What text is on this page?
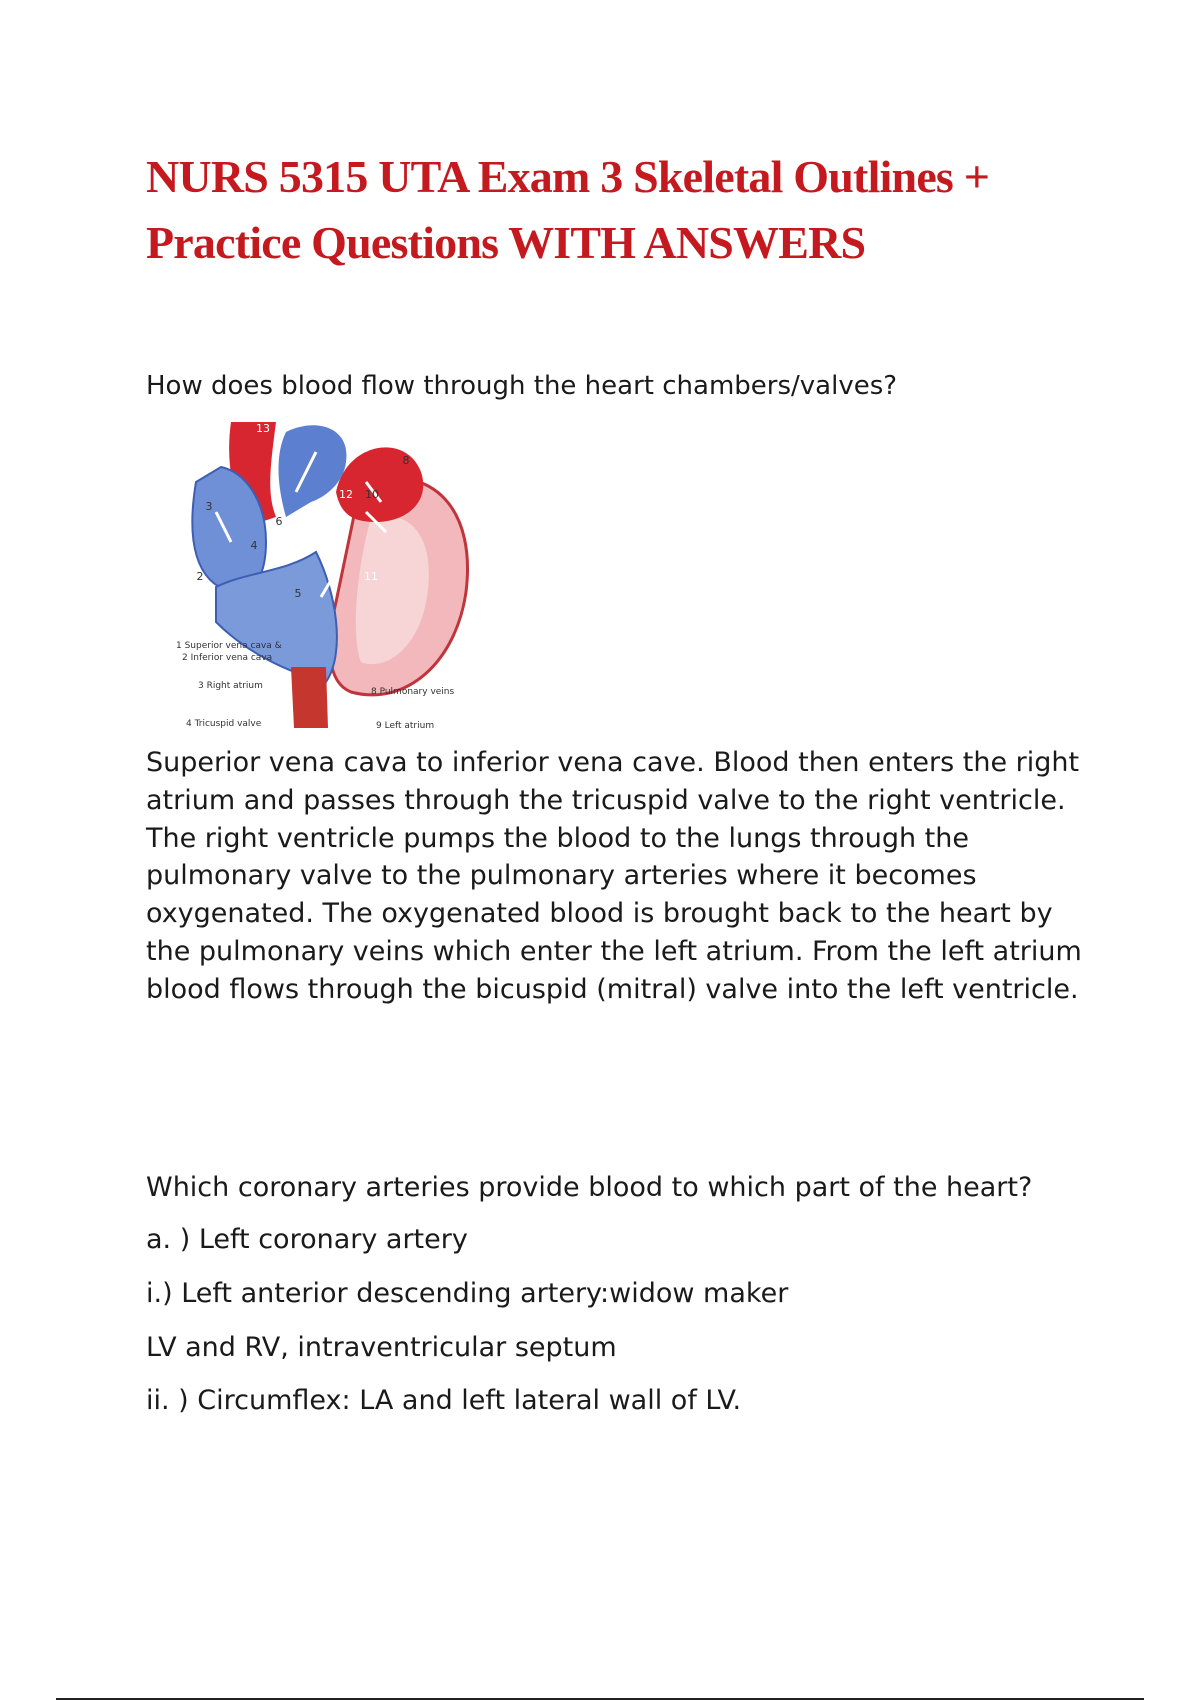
NURS 5315 UTA Exam 3 Skeletal Outlines +
Practice Questions WITH ANSWERS

How does blood flow through the heart chambers/valves?

13
9
8
12 10
3
6
4
2
5
11
1 Superior vena cava &
2 Inferior vena cava
3 Right atrium
8 Pulmonary veins
4 Tricuspid valve	9 Left atrium

Superior vena cava to inferior vena cave. Blood then enters the right atrium and passes through the tricuspid valve to the right ventricle. The right ventricle pumps the blood to the lungs through the pulmonary valve to the pulmonary arteries where it becomes oxygenated. The oxygenated blood is brought back to the heart by the pulmonary veins which enter the left atrium. From the left atrium blood flows through the bicuspid (mitral) valve into the left ventricle.

Which coronary arteries provide blood to which part of the heart?

a. ) Left coronary artery

i.) Left anterior descending artery:widow maker

LV and RV, intraventricular septum

ii. ) Circumflex: LA and left lateral wall of LV.
